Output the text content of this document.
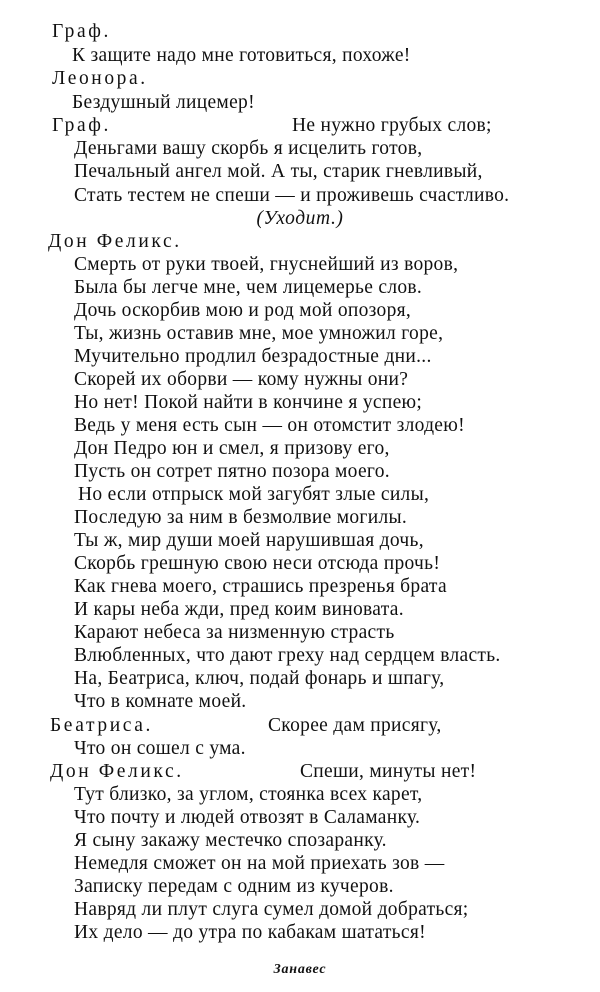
Граф.
К защите надо мне готовиться, похоже!
Леонора.
Бездушный лицемер!
Граф.	Не нужно грубых слов;
Деньгами вашу скорбь я исцелить готов,
Печальный ангел мой. А ты, старик гневливый,
Стать тестем не спеши — и проживешь счастливо.
(Уходит.)
Дон Феликс.
Смерть от руки твоей, гнуснейший из воров,
Была бы легче мне, чем лицемерье слов.
Дочь оскорбив мою и род мой опозоря,
Ты, жизнь оставив мне, мое умножил горе,
Мучительно продлил безрадостные дни...
Скорей их оборви — кому нужны они?
Но нет! Покой найти в кончине я успею;
Ведь у меня есть сын — он отомстит злодею!
Дон Педро юн и смел, я призову его,
Пусть он сотрет пятно позора моего.
Но если отпрыск мой загубят злые силы,
Последую за ним в безмолвие могилы.
Ты ж, мир души моей нарушившая дочь,
Скорбь грешную свою неси отсюда прочь!
Как гнева моего, страшись презренья брата
И кары неба жди, пред коим виновата.
Карают небеса за низменную страсть
Влюбленных, что дают греху над сердцем власть.
На, Беатриса, ключ, подай фонарь и шпагу,
Что в комнате моей.
Беатриса.	Скорее дам присягу,
Что он сошел с ума.
Дон Феликс.	Спеши, минуты нет!
Тут близко, за углом, стоянка всех карет,
Что почту и людей отвозят в Саламанку.
Я сыну закажу местечко спозаранку.
Немедля сможет он на мой приехать зов —
Записку передам с одним из кучеров.
Навряд ли плут слуга сумел домой добраться;
Их дело — до утра по кабакам шататься!
Занавес
